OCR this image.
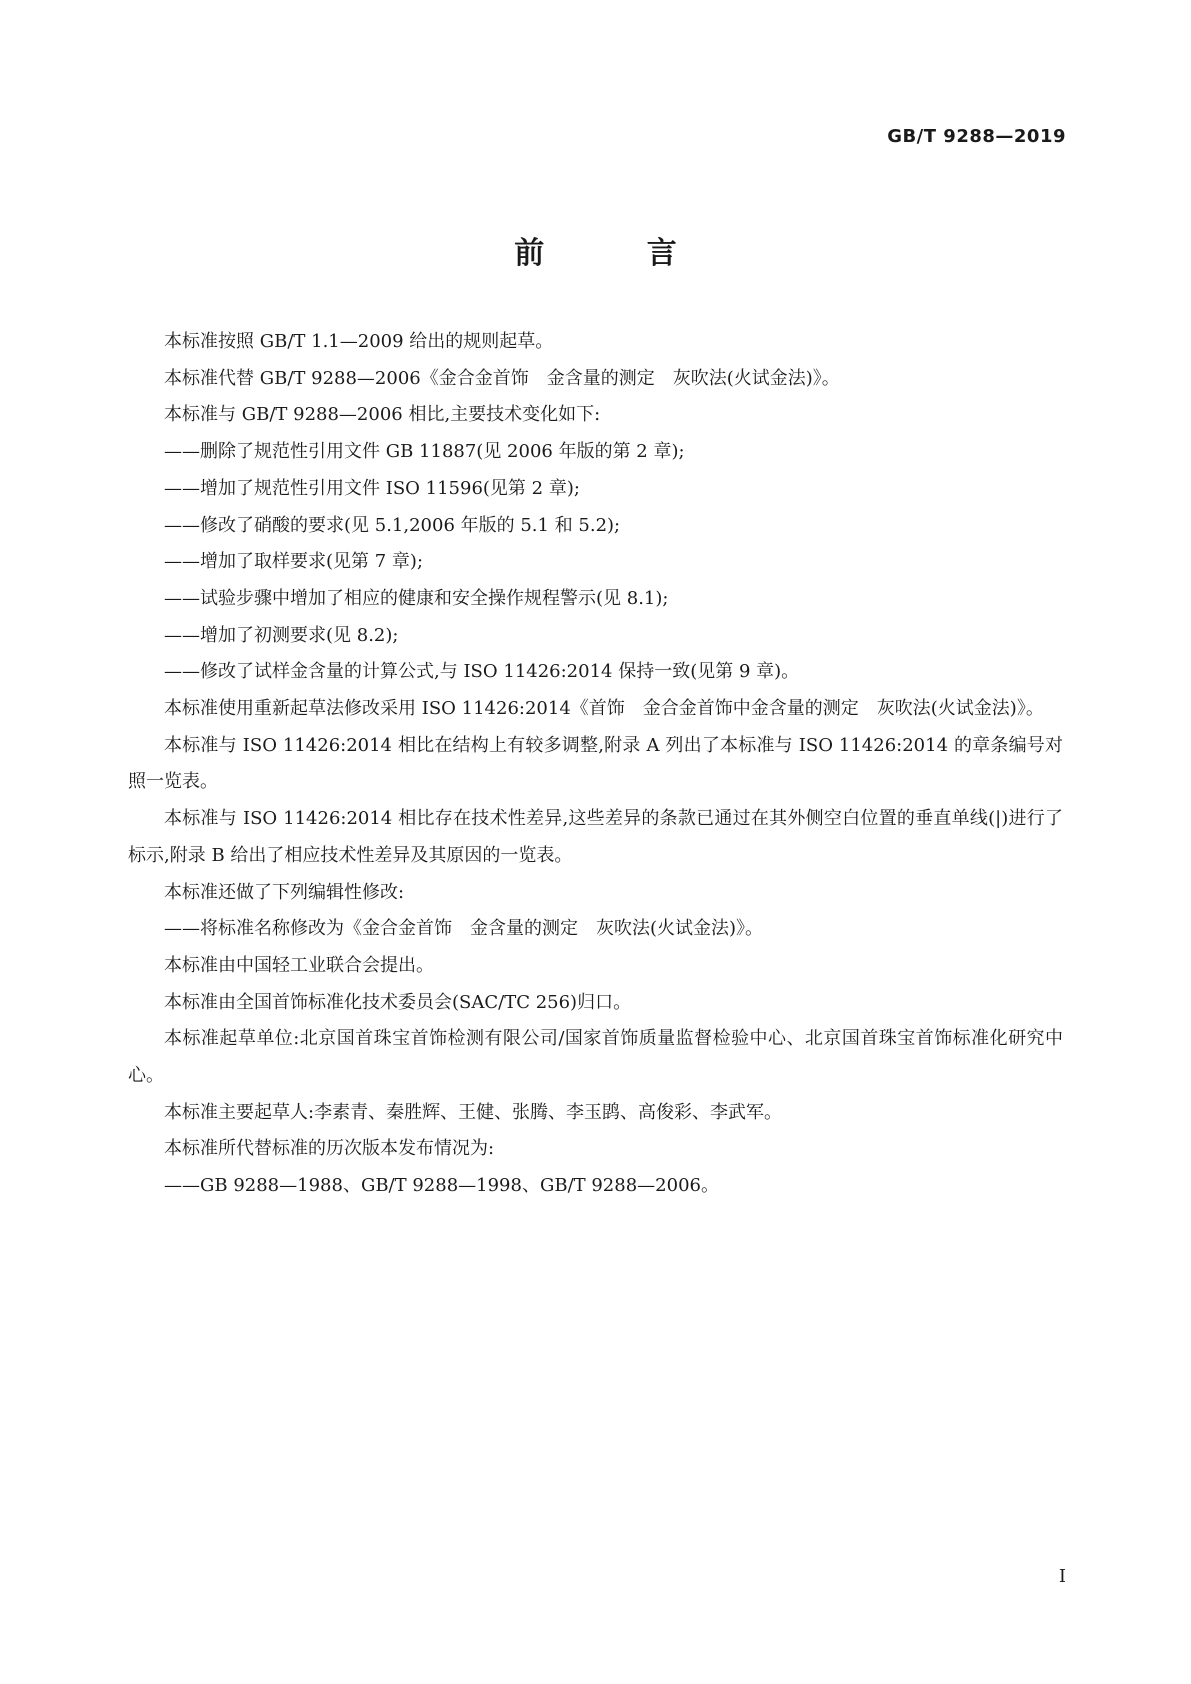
GB/T 9288—2019
前 言

本标准按照 GB/T 1.1—2009 给出的规则起草。

本标准代替 GB/T 9288—2006《金合金首饰　金含量的测定　灰吹法(火试金法)》。

本标准与 GB/T 9288—2006 相比,主要技术变化如下:

——删除了规范性引用文件 GB 11887(见 2006 年版的第 2 章);

——增加了规范性引用文件 ISO 11596(见第 2 章);

——修改了硝酸的要求(见 5.1,2006 年版的 5.1 和 5.2);

——增加了取样要求(见第 7 章);

——试验步骤中增加了相应的健康和安全操作规程警示(见 8.1);

——增加了初测要求(见 8.2);

——修改了试样金含量的计算公式,与 ISO 11426:2014 保持一致(见第 9 章)。

本标准使用重新起草法修改采用 ISO 11426:2014《首饰　金合金首饰中金含量的测定　灰吹法(火试金法)》。

本标准与 ISO 11426:2014 相比在结构上有较多调整,附录 A 列出了本标准与 ISO 11426:2014 的章条编号对照一览表。

本标准与 ISO 11426:2014 相比存在技术性差异,这些差异的条款已通过在其外侧空白位置的垂直单线(|)进行了标示,附录 B 给出了相应技术性差异及其原因的一览表。

本标准还做了下列编辑性修改:

——将标准名称修改为《金合金首饰　金含量的测定　灰吹法(火试金法)》。

本标准由中国轻工业联合会提出。

本标准由全国首饰标准化技术委员会(SAC/TC 256)归口。

本标准起草单位:北京国首珠宝首饰检测有限公司/国家首饰质量监督检验中心、北京国首珠宝首饰标准化研究中心。

本标准主要起草人:李素青、秦胜辉、王健、张腾、李玉鹍、高俊彩、李武军。

本标准所代替标准的历次版本发布情况为:

——GB 9288—1988、GB/T 9288—1998、GB/T 9288—2006。

I
